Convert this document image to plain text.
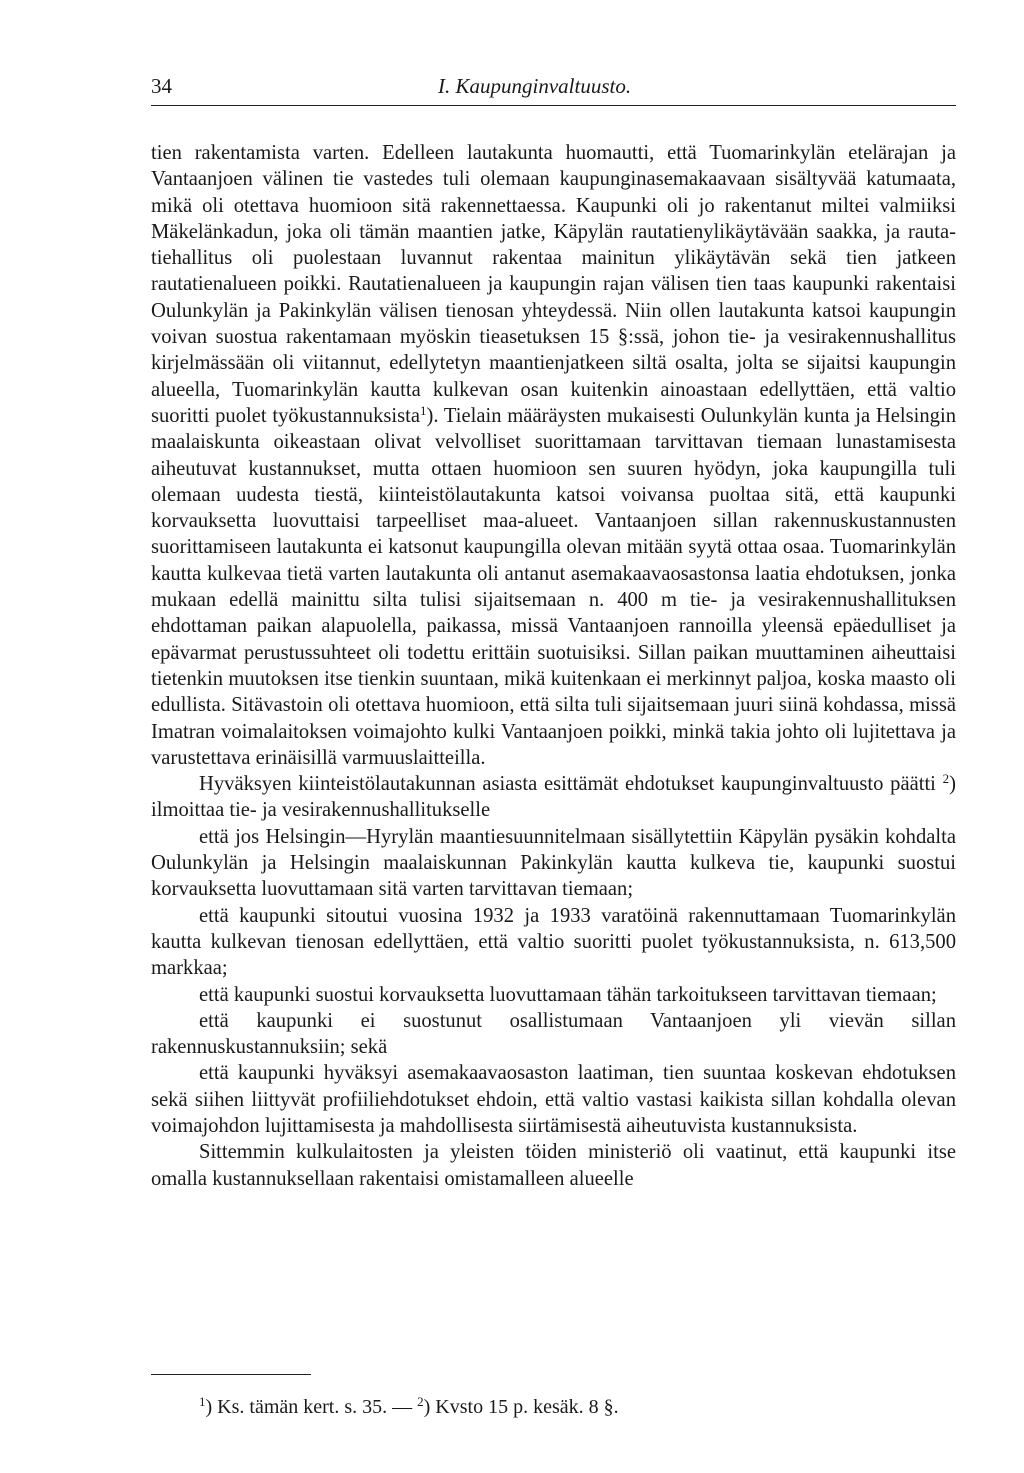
34	I. Kaupunginvaltuusto.

tien rakentamista varten. Edelleen lautakunta huomautti, että Tuomarinkylän etelärajan ja Vantaanjoen välinen tie vastedes tuli olemaan kaupunginasemakaavaan sisältyvää katumaata, mikä oli otettava huomioon sitä rakennettaessa. Kaupunki oli jo rakentanut miltei valmiiksi Mäkelänkadun, joka oli tämän maantien jatke, Käpylän rautatienylikäytävään saakka, ja rautatiehallitus oli puolestaan luvannut rakentaa mainitun ylikäytävän sekä tien jatkeen rautatienalueen poikki. Rautatienalueen ja kaupungin rajan välisen tien taas kaupunki rakentaisi Oulunkylän ja Pakinkylän välisen tienosan yhteydessä. Niin ollen lautakunta katsoi kaupungin voivan suostua rakentamaan myöskin tieasetuksen 15 §:ssä, johon tie- ja vesirakennushallitus kirjelmässään oli viitannut, edellytetyn maantienjatkeen siltä osalta, jolta se sijaitsi kaupungin alueella, Tuomarinkylän kautta kulkevan osan kuitenkin ainoastaan edellyttäen, että valtio suoritti puolet työkustannuksista$^1$). Tielain määräysten mukaisesti Oulunkylän kunta ja Helsingin maalaiskunta oikeastaan olivat velvolliset suorittamaan tarvittavan tiemaan lunastamisesta aiheutuvat kustannukset, mutta ottaen huomioon sen suuren hyödyn, joka kaupungilla tuli olemaan uudesta tiestä, kiinteistölautakunta katsoi voivansa puoltaa sitä, että kaupunki korvauksetta luovuttaisi tarpeelliset maa-alueet. Vantaanjoen sillan rakennuskustannusten suorittamiseen lautakunta ei katsonut kaupungilla olevan mitään syytä ottaa osaa. Tuomarinkylän kautta kulkevaa tietä varten lautakunta oli antanut asemakaavaosastonsa laatia ehdotuksen, jonka mukaan edellä mainittu silta tulisi sijaitsemaan n. 400 m tie- ja vesirakennushallituksen ehdottaman paikan alapuolella, paikassa, missä Vantaanjoen rannoilla yleensä epäedulliset ja epävarmat perustussuhteet oli todettu erittäin suotuisiksi. Sillan paikan muuttaminen aiheuttaisi tietenkin muutoksen itse tienkin suuntaan, mikä kuitenkaan ei merkinnyt paljoa, koska maasto oli edullista. Sitävastoin oli otettava huomioon, että silta tuli sijaitsemaan juuri siinä kohdassa, missä Imatran voimalaitoksen voimajohto kulki Vantaanjoen poikki, minkä takia johto oli lujitettava ja varustettava erinäisillä varmuuslaitteilla.

Hyväksyen kiinteistölautakunnan asiasta esittämät ehdotukset kaupunginvaltuusto päätti $^2$) ilmoittaa tie- ja vesirakennushallitukselle

että jos Helsingin—Hyrylän maantiesuunnitelmaan sisällytettiin Käpylän pysäkin kohdalta Oulunkylän ja Helsingin maalaiskunnan Pakinkylän kautta kulkeva tie, kaupunki suostui korvauksetta luovuttamaan sitä varten tarvittavan tiemaan;

että kaupunki sitoutui vuosina 1932 ja 1933 varatöinä rakennuttamaan Tuomarinkylän kautta kulkevan tienosan edellyttäen, että valtio suoritti puolet työkustannuksista, n. 613,500 markkaa;

että kaupunki suostui korvauksetta luovuttamaan tähän tarkoitukseen tarvittavan tiemaan;

että kaupunki ei suostunut osallistumaan Vantaanjoen yli vievän sillan rakennuskustannuksiin; sekä

että kaupunki hyväksyi asemakaavaosaston laatiman, tien suuntaa koskevan ehdotuksen sekä siihen liittyvät profiiliehdotukset ehdoin, että valtio vastasi kaikista sillan kohdalla olevan voimajohdon lujittamisesta ja mahdollisesta siirtämisestä aiheutuvista kustannuksista.

Sittemmin kulkulaitosten ja yleisten töiden ministeriö oli vaatinut, että kaupunki itse omalla kustannuksellaan rakentaisi omistamalleen alueelle

$^1$) Ks. tämän kert. s. 35. — $^2$) Kvsto 15 p. kesäk. 8 §.
